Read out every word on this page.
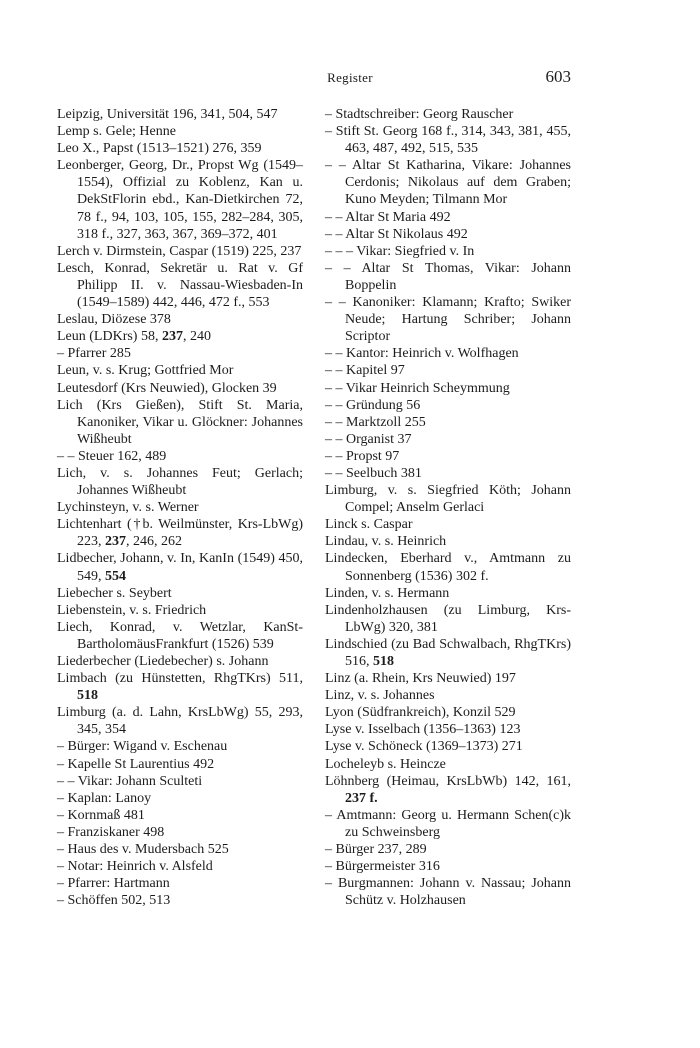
Register	603
Leipzig, Universität 196, 341, 504, 547
Lemp s. Gele; Henne
Leo X., Papst (1513–1521) 276, 359
Leonberger, Georg, Dr., Propst Wg (1549–1554), Offizial zu Koblenz, Kan u. DekStFlorin ebd., Kan-Dietkirchen 72, 78 f., 94, 103, 105, 155, 282–284, 305, 318 f., 327, 363, 367, 369–372, 401
Lerch v. Dirmstein, Caspar (1519) 225, 237
Lesch, Konrad, Sekretär u. Rat v. Gf Philipp II. v. Nassau-Wiesbaden-In (1549–1589) 442, 446, 472 f., 553
Leslau, Diözese 378
Leun (LDKrs) 58, 237, 240
– Pfarrer 285
Leun, v. s. Krug; Gottfried Mor
Leutesdorf (Krs Neuwied), Glocken 39
Lich (Krs Gießen), Stift St. Maria, Kanoniker, Vikar u. Glöckner: Johannes Wißheubt
– – Steuer 162, 489
Lich, v. s. Johannes Feut; Gerlach; Johannes Wißheubt
Lychinsteyn, v. s. Werner
Lichtenhart (†b. Weilmünster, Krs-LbWg) 223, 237, 246, 262
Lidbecher, Johann, v. In, KanIn (1549) 450, 549, 554
Liebecher s. Seybert
Liebenstein, v. s. Friedrich
Liech, Konrad, v. Wetzlar, KanSt-BartholomäusFrankfurt (1526) 539
Liederbecher (Liedebecher) s. Johann
Limbach (zu Hünstetten, RhgTKrs) 511, 518
Limburg (a. d. Lahn, KrsLbWg) 55, 293, 345, 354
– Bürger: Wigand v. Eschenau
– Kapelle St Laurentius 492
– – Vikar: Johann Sculteti
– Kaplan: Lanoy
– Kornmaß 481
– Franziskaner 498
– Haus des v. Mudersbach 525
– Notar: Heinrich v. Alsfeld
– Pfarrer: Hartmann
– Schöffen 502, 513
– Stadtschreiber: Georg Rauscher
– Stift St. Georg 168 f., 314, 343, 381, 455, 463, 487, 492, 515, 535
– – Altar St Katharina, Vikare: Johannes Cerdonis; Nikolaus auf dem Graben; Kuno Meyden; Tilmann Mor
– – Altar St Maria 492
– – Altar St Nikolaus 492
– – – Vikar: Siegfried v. In
– – Altar St Thomas, Vikar: Johann Boppelin
– – Kanoniker: Klamann; Krafto; Swiker Neude; Hartung Schriber; Johann Scriptor
– – Kantor: Heinrich v. Wolfhagen
– – Kapitel 97
– – Vikar Heinrich Scheymmung
– – Gründung 56
– – Marktzoll 255
– – Organist 37
– – Propst 97
– – Seelbuch 381
Limburg, v. s. Siegfried Köth; Johann Compel; Anselm Gerlaci
Linck s. Caspar
Lindau, v. s. Heinrich
Lindecken, Eberhard v., Amtmann zu Sonnenberg (1536) 302 f.
Linden, v. s. Hermann
Lindenholzhausen (zu Limburg, Krs-LbWg) 320, 381
Lindschied (zu Bad Schwalbach, RhgTKrs) 516, 518
Linz (a. Rhein, Krs Neuwied) 197
Linz, v. s. Johannes
Lyon (Südfrankreich), Konzil 529
Lyse v. Isselbach (1356–1363) 123
Lyse v. Schöneck (1369–1373) 271
Locheleyb s. Heincze
Löhnberg (Heimau, KrsLbWb) 142, 161, 237 f.
– Amtmann: Georg u. Hermann Schen(c)k zu Schweinsberg
– Bürger 237, 289
– Bürgermeister 316
– Burgmannen: Johann v. Nassau; Johann Schütz v. Holzhausen
